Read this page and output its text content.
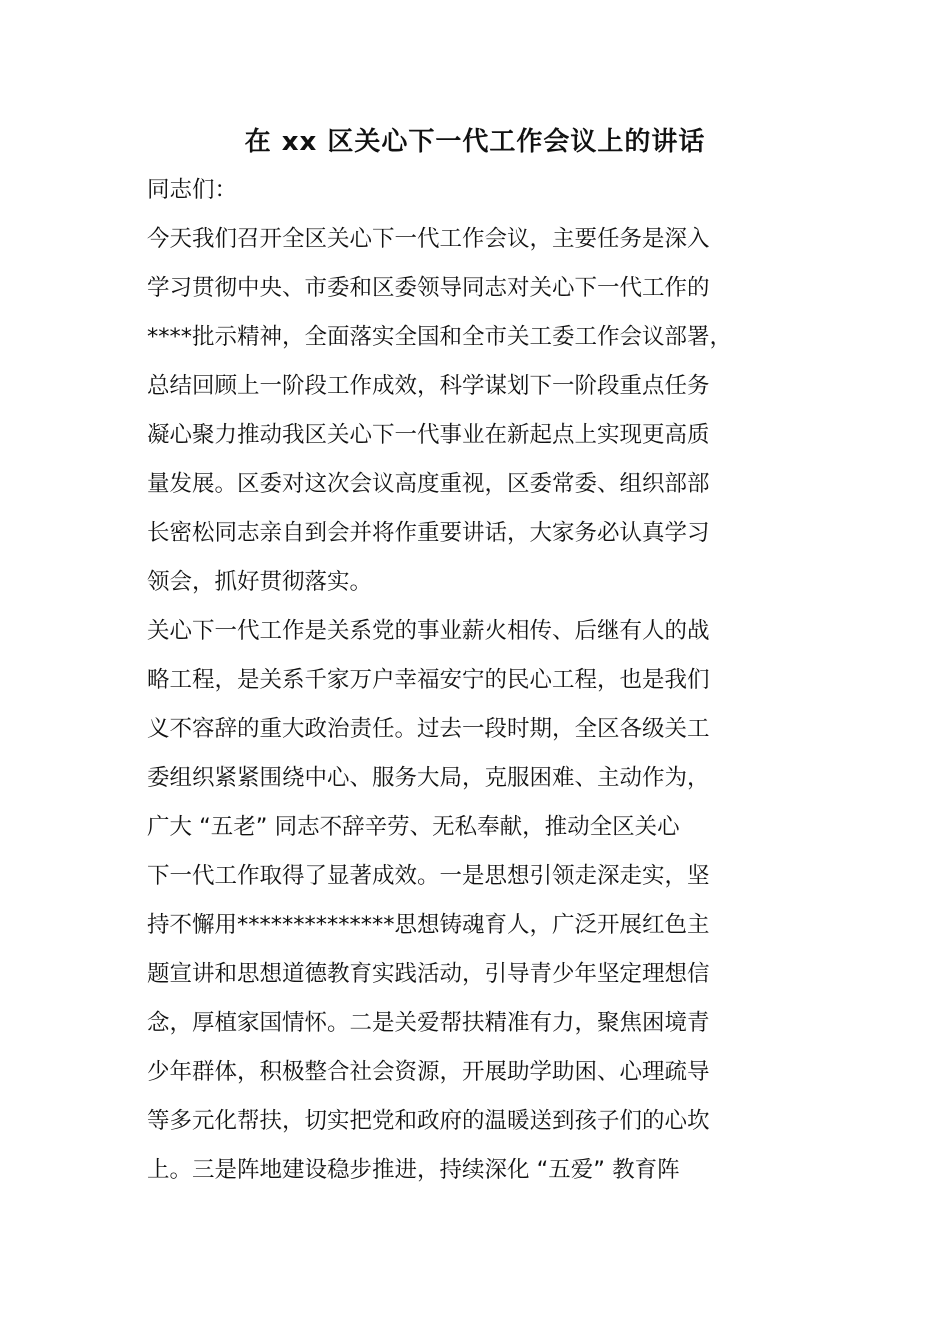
在 xx 区关心下一代工作会议上的讲话
同志们：
今天我们召开全区关心下一代工作会议，主要任务是深入
学习贯彻中央、市委和区委领导同志对关心下一代工作的
****批示精神，全面落实全国和全市关工委工作会议部署，
总结回顾上一阶段工作成效，科学谋划下一阶段重点任务
凝心聚力推动我区关心下一代事业在新起点上实现更高质
量发展。区委对这次会议高度重视，区委常委、组织部部
长密松同志亲自到会并将作重要讲话，大家务必认真学习
领会，抓好贯彻落实。
关心下一代工作是关系党的事业薪火相传、后继有人的战
略工程，是关系千家万户幸福安宁的民心工程，也是我们
义不容辞的重大政治责任。过去一段时期，全区各级关工
委组织紧紧围绕中心、服务大局，克服困难、主动作为，
广大 “五老” 同志不辞辛劳、无私奉献，推动全区关心
下一代工作取得了显著成效。一是思想引领走深走实，坚
持不懈用**************思想铸魂育人，广泛开展红色主
题宣讲和思想道德教育实践活动，引导青少年坚定理想信
念，厚植家国情怀。二是关爱帮扶精准有力，聚焦困境青
少年群体，积极整合社会资源，开展助学助困、心理疏导
等多元化帮扶，切实把党和政府的温暖送到孩子们的心坎
上。三是阵地建设稳步推进，持续深化 “五爱” 教育阵
